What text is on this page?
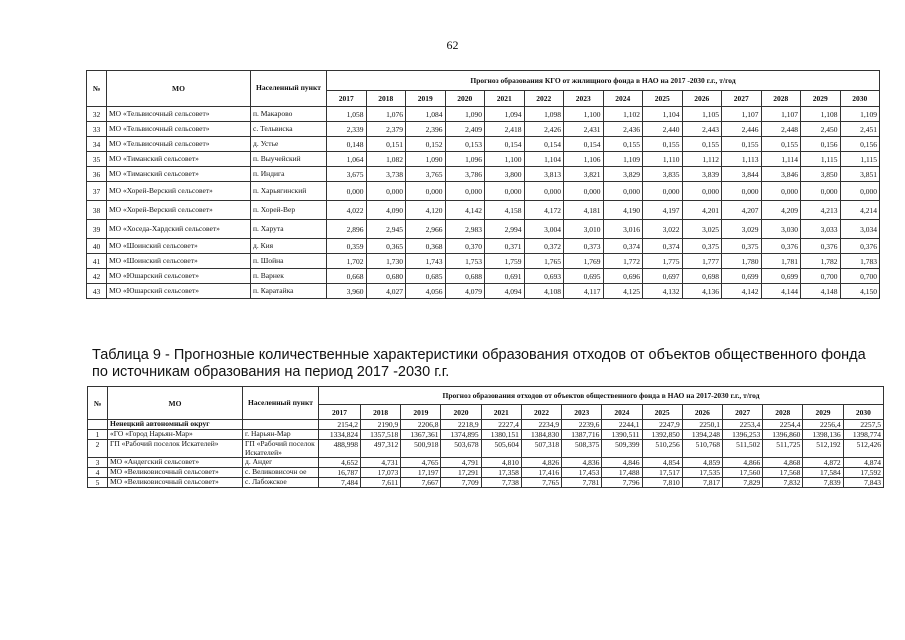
62
№	МО	Населенный пункт	Прогноз образования КГО от жилищного фонда в НАО на 2017 -2030 г.г., т/год													
			2017	2018	2019	2020	2021	2022	2023	2024	2025	2026	2027	2028	2029	2030
32	МО «Тельвисочный сельсовет»	п. Макарово	1,058	1,076	1,084	1,090	1,094	1,098	1,100	1,102	1,104	1,105	1,107	1,107	1,108	1,109
33	МО «Тельвисочный сельсовет»	с. Тельвиска	2,339	2,379	2,396	2,409	2,418	2,426	2,431	2,436	2,440	2,443	2,446	2,448	2,450	2,451
34	МО «Тельвисочный сельсовет»	д. Устье	0,148	0,151	0,152	0,153	0,154	0,154	0,154	0,155	0,155	0,155	0,155	0,155	0,156	0,156
35	МО «Тиманский сельсовет»	п. Выучейский	1,064	1,082	1,090	1,096	1,100	1,104	1,106	1,109	1,110	1,112	1,113	1,114	1,115	1,115
36	МО «Тиманский сельсовет»	п. Индига	3,675	3,738	3,765	3,786	3,800	3,813	3,821	3,829	3,835	3,839	3,844	3,846	3,850	3,851
37	МО «Хорей-Верский сельсовет»	п. Харьягинский	0,000	0,000	0,000	0,000	0,000	0,000	0,000	0,000	0,000	0,000	0,000	0,000	0,000	0,000
38	МО «Хорей-Верский сельсовет»	п. Хорей-Вер	4,022	4,090	4,120	4,142	4,158	4,172	4,181	4,190	4,197	4,201	4,207	4,209	4,213	4,214
39	МО «Хоседа-Хардский сельсовет»	п. Харута	2,896	2,945	2,966	2,983	2,994	3,004	3,010	3,016	3,022	3,025	3,029	3,030	3,033	3,034
40	МО «Шоинский сельсовет»	д. Кия	0,359	0,365	0,368	0,370	0,371	0,372	0,373	0,374	0,374	0,375	0,375	0,376	0,376	0,376
41	МО «Шоинский сельсовет»	п. Шойна	1,702	1,730	1,743	1,753	1,759	1,765	1,769	1,772	1,775	1,777	1,780	1,781	1,782	1,783
42	МО «Юшарский сельсовет»	п. Варнек	0,668	0,680	0,685	0,688	0,691	0,693	0,695	0,696	0,697	0,698	0,699	0,699	0,700	0,700
43	МО «Юшарский сельсовет»	п. Каратайка	3,960	4,027	4,056	4,079	4,094	4,108	4,117	4,125	4,132	4,136	4,142	4,144	4,148	4,150
Таблица 9 - Прогнозные количественные характеристики образования отходов от объектов общественного фонда по источникам образования на период 2017 -2030 г.г.
№	МО	Населенный пункт	Прогноз образования отходов от объектов общественного фонда в НАО на 2017-2030 г.г., т/год													
			2017	2018	2019	2020	2021	2022	2023	2024	2025	2026	2027	2028	2029	2030
	Ненецкий автономный округ		2154,2	2190,9	2206,8	2218,9	2227,4	2234,9	2239,6	2244,1	2247,9	2250,1	2253,4	2254,4	2256,4	2257,5
1	«ГО «Город Нарьян-Мар»	г. Нарьян-Мар	1334,824	1357,518	1367,361	1374,895	1380,151	1384,830	1387,716	1390,511	1392,850	1394,248	1396,253	1396,860	1398,136	1398,774
2	ГП «Рабочий поселок Искателей»	ГП «Рабочий поселок Искателей»	488,998	497,312	500,918	503,678	505,604	507,318	508,375	509,399	510,256	510,768	511,502	511,725	512,192	512,426
3	МО «Андегский сельсовет»	д. Андег	4,652	4,731	4,765	4,791	4,810	4,826	4,836	4,846	4,854	4,859	4,866	4,868	4,872	4,874
4	МО «Великовисочный сельсовет»	с. Великовисочн ое	16,787	17,073	17,197	17,291	17,358	17,416	17,453	17,488	17,517	17,535	17,560	17,568	17,584	17,592
5	МО «Великовисочный сельсовет»	с. Лабожское	7,484	7,611	7,667	7,709	7,738	7,765	7,781	7,796	7,810	7,817	7,829	7,832	7,839	7,843
